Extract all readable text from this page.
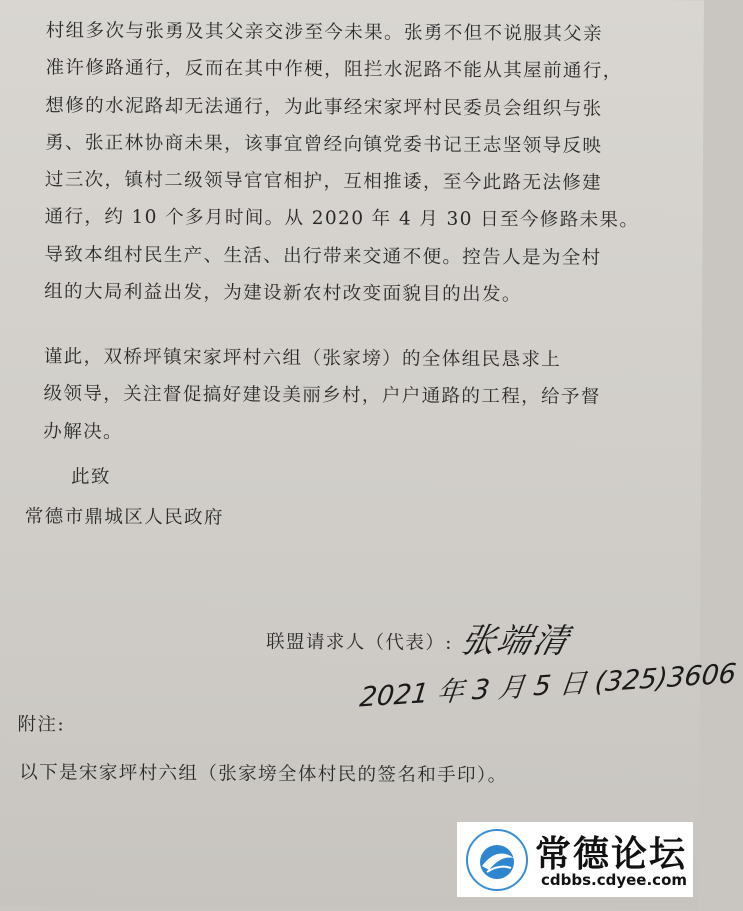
村组多次与张勇及其父亲交涉至今未果。张勇不但不说服其父亲
准许修路通行，反而在其中作梗，阻拦水泥路不能从其屋前通行，
想修的水泥路却无法通行，为此事经宋家坪村民委员会组织与张
勇、张正林协商未果，该事宜曾经向镇党委书记王志坚领导反映
过三次，镇村二级领导官官相护，互相推诿，至今此路无法修建
通行，约 10 个多月时间。从 2020 年 4 月 30 日至今修路未果。
导致本组村民生产、生活、出行带来交通不便。控告人是为全村
组的大局利益出发，为建设新农村改变面貌目的出发。

谨此，双桥坪镇宋家坪村六组（张家塝）的全体组民恳求上
级领导，关注督促搞好建设美丽乡村，户户通路的工程，给予督
办解决。

此致

常德市鼎城区人民政府

联盟请求人（代表）: 张端清
2021 年 3 月 5 日 (325)3606

附注:

以下是宋家坪村六组（张家塝全体村民的签名和手印）。

常德论坛
cdbbs.cdyee.com
